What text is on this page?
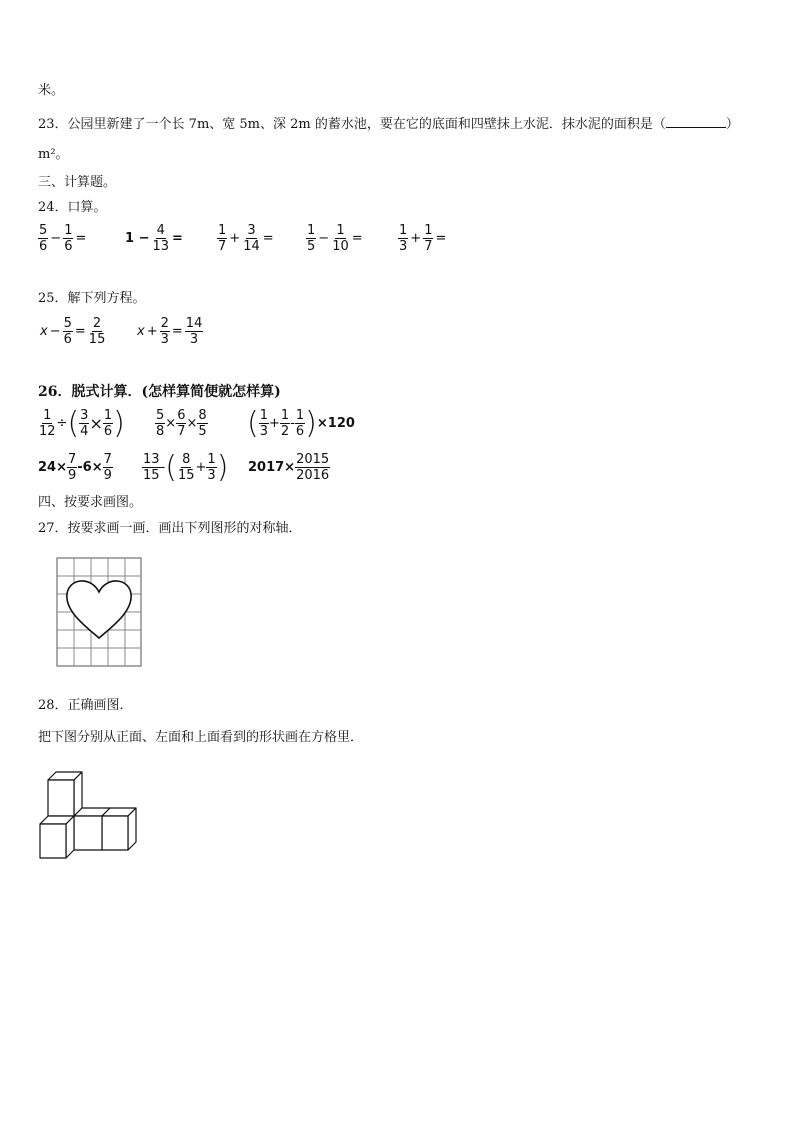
米。
23．公园里新建了一个长 7m、宽 5m、深 2m 的蓄水池，要在它的底面和四壁抹上水泥．抹水泥的面积是（	）
m²。
三、计算题。
24．口算。
$\frac{5}{6} - \frac{1}{6}$ =	$1 - \frac{4}{13}$ =	$\frac{1}{7} + \frac{3}{14} = \frac{1}{5} - \frac{1}{10}$ =	$\frac{1}{3} + \frac{1}{7}$ =
25．解下列方程。
$x - \frac{5}{6} = \frac{2}{15}$ $x + \frac{2}{3} = \frac{14}{3}$
26．脱式计算．(怎样算简便就怎样算)
$\frac{1}{12}$ ÷ ( $\frac{3}{4} \times \frac{1}{6}$ ) $\frac{5}{8} \times \frac{6}{7} \times \frac{8}{5}$ ( $\frac{1}{3} + \frac{1}{2} - \frac{1}{6}$ ) ×120
$24\times \frac{7}{9} -6\times \frac{7}{9} \frac{13}{15}$ - ( $\frac{8}{15} + \frac{1}{3}$ ) $2017\times \frac{2015}{2016}$
四、按要求画图。
27．按要求画一画．画出下列图形的对称轴．
28．正确画图．
把下图分别从正面、左面和上面看到的形状画在方格里．
